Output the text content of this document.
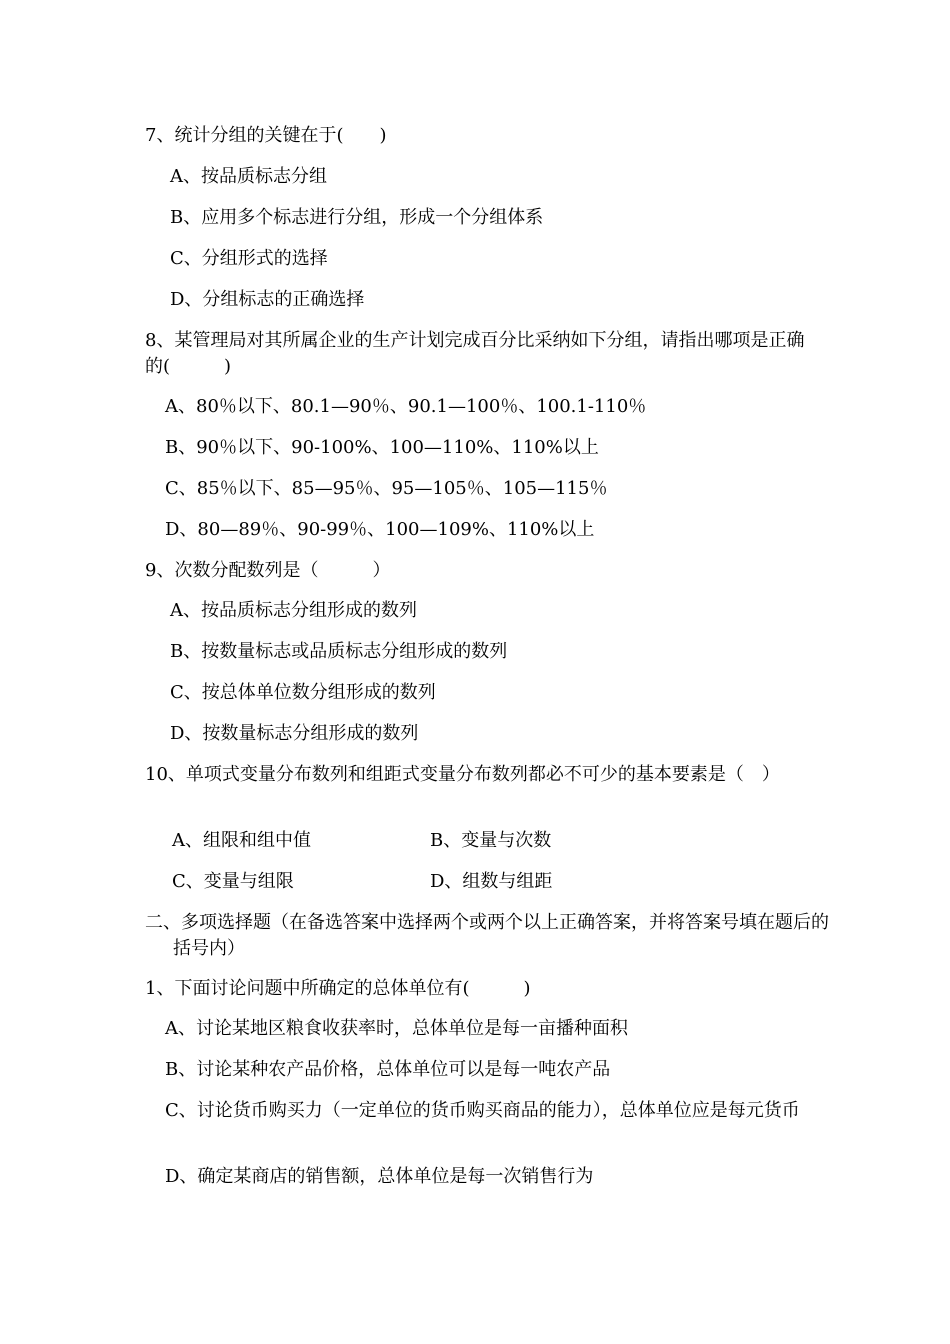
7、统计分组的关键在于(　　)
A、按品质标志分组
B、应用多个标志进行分组，形成一个分组体系
C、分组形式的选择
D、分组标志的正确选择
8、某管理局对其所属企业的生产计划完成百分比采纳如下分组，请指出哪项是正确的(　　　)
A、80％以下、80.1—90％、90.1—100％、100.1-110％
B、90％以下、90-100%、100—110%、110%以上
C、85％以下、85—95％、95—105％、105—115％
D、80—89％、90-99％、100—109%、110%以上
9、次数分配数列是（　　　）
A、按品质标志分组形成的数列
B、按数量标志或品质标志分组形成的数列
C、按总体单位数分组形成的数列
D、按数量标志分组形成的数列
10、单项式变量分布数列和组距式变量分布数列都必不可少的基本要素是（　）
A、组限和组中值	B、变量与次数
C、变量与组限	D、组数与组距
二、多项选择题（在备选答案中选择两个或两个以上正确答案，并将答案号填在题后的括号内）
1、下面讨论问题中所确定的总体单位有(　　　)
A、讨论某地区粮食收获率时，总体单位是每一亩播种面积
B、讨论某种农产品价格，总体单位可以是每一吨农产品
C、讨论货币购买力（一定单位的货币购买商品的能力），总体单位应是每元货币
D、确定某商店的销售额，总体单位是每一次销售行为
